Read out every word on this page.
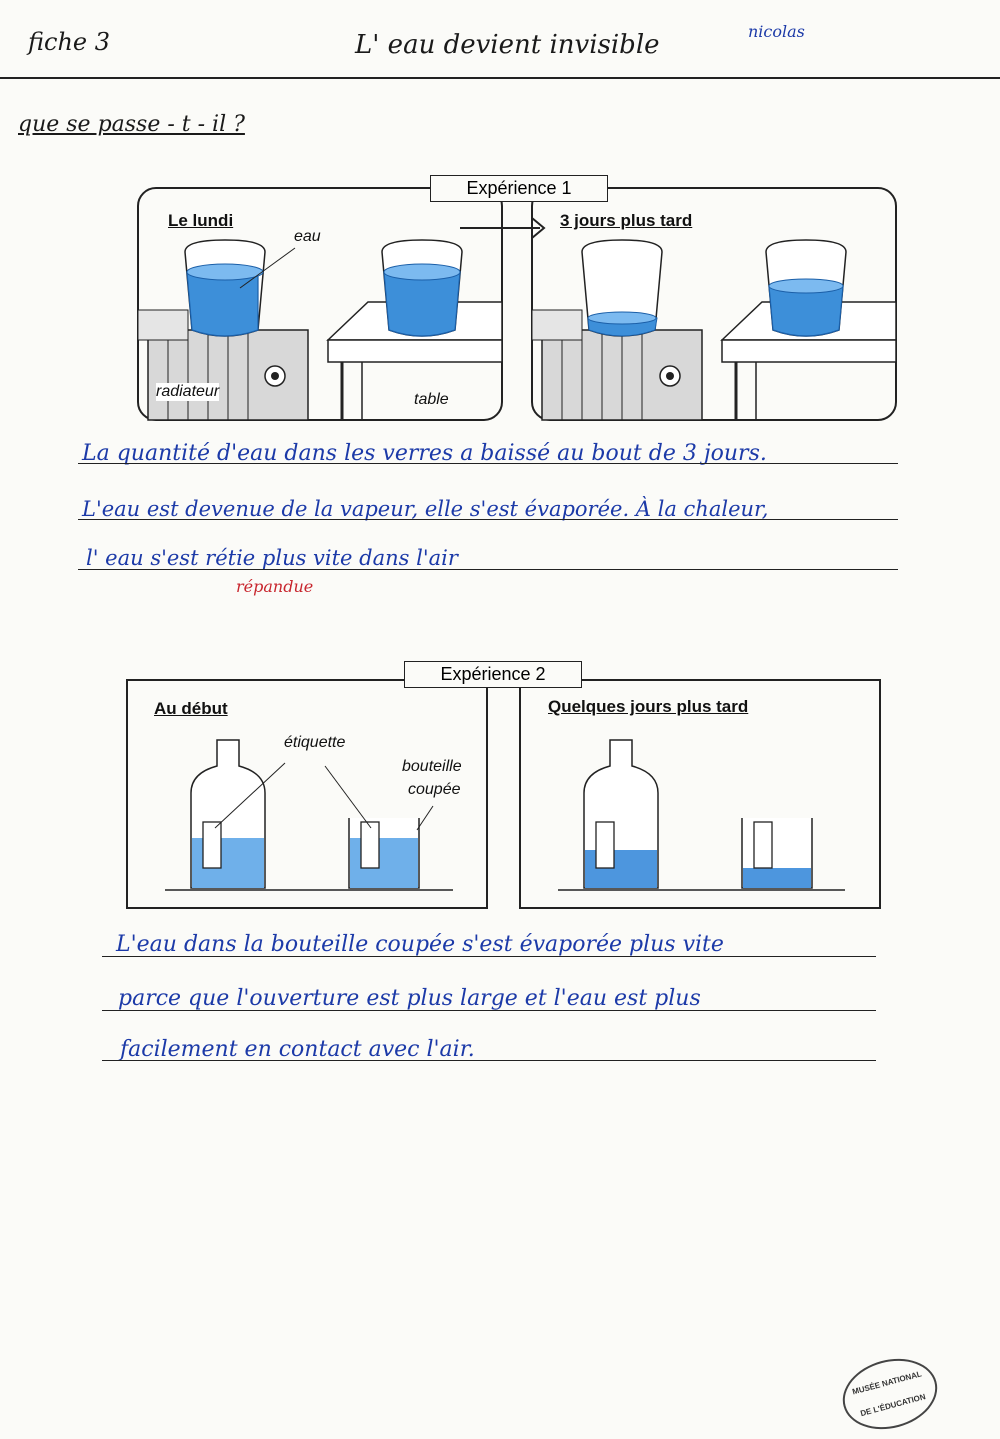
fiche 3	L' eau devient invisible	nicolas
que se passe - t - il ?
Expérience 1
Le lundi	3 jours plus tard
eau
radiateur	table
La quantité d'eau dans les verres a baissé au bout de 3 jours.
L'eau est devenue de la vapeur, elle s'est évaporée. À la chaleur,
l' eau s'est rétie plus vite dans l'air
répandue
Expérience 2
Au début	Quelques jours plus tard
étiquette
bouteille
coupée
L'eau dans la bouteille coupée s'est évaporée plus vite
parce que l'ouverture est plus large et l'eau est plus
facilement en contact avec l'air.
MUSÉE NATIONAL
DE L'ÉDUCATION
